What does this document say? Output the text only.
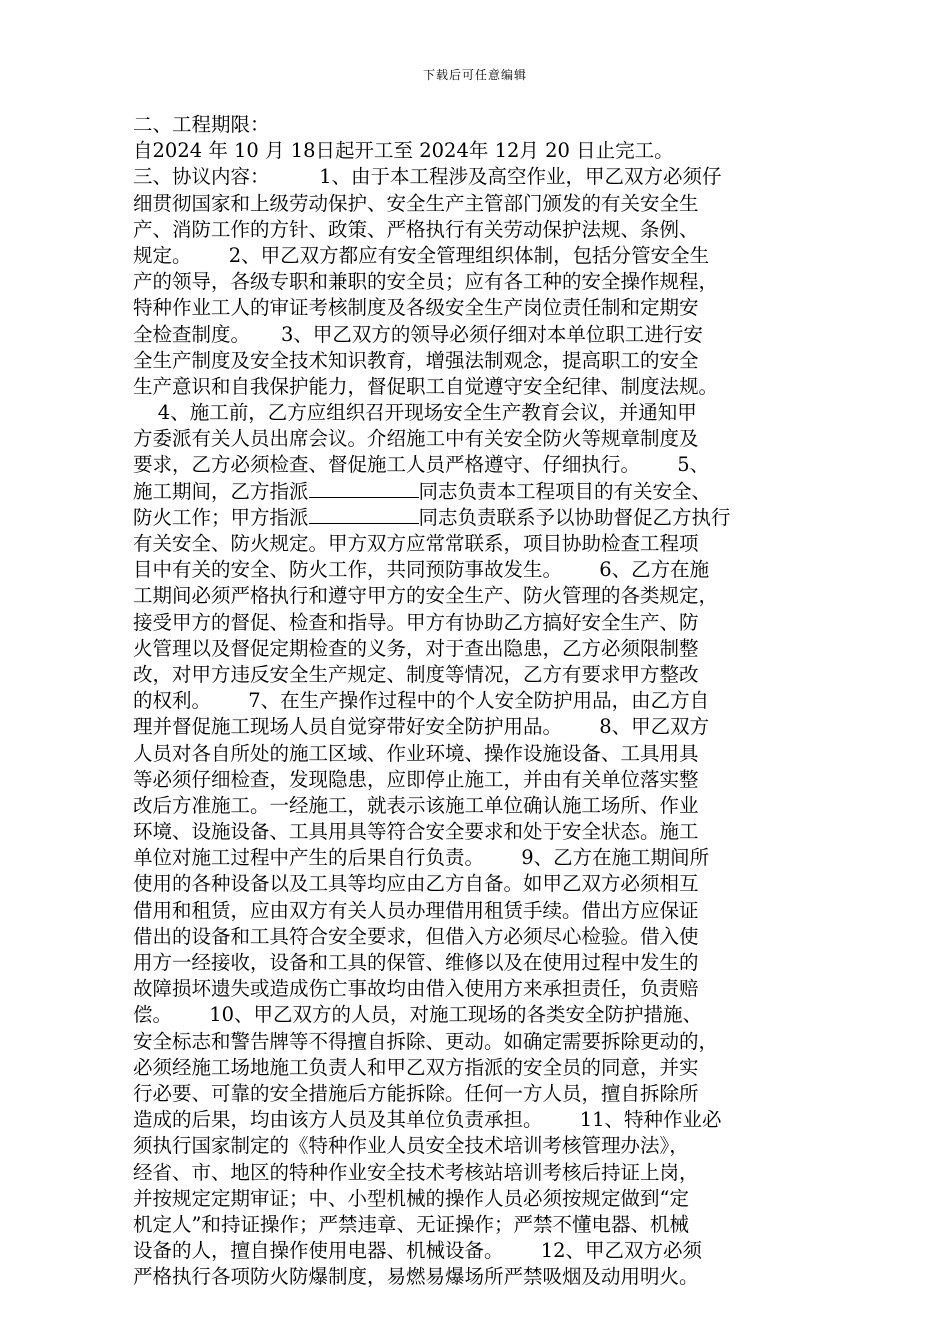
下载后可任意编辑
二、工程期限：
自2024 年 10 月 18日起开工至 2024年 12月 20 日止完工。
三、协议内容：        1、由于本工程涉及高空作业，甲乙双方必须仔
细贯彻国家和上级劳动保护、安全生产主管部门颁发的有关安全生
产、消防工作的方针、政策、严格执行有关劳动保护法规、条例、
规定。      2、甲乙双方都应有安全管理组织体制，包括分管安全生
产的领导，各级专职和兼职的安全员；应有各工种的安全操作规程，
特种作业工人的审证考核制度及各级安全生产岗位责任制和定期安
全检查制度。     3、甲乙双方的领导必须仔细对本单位职工进行安
全生产制度及安全技术知识教育，增强法制观念，提高职工的安全
生产意识和自我保护能力，督促职工自觉遵守安全纪律、制度法规。
4、施工前，乙方应组织召开现场安全生产教育会议，并通知甲
方委派有关人员出席会议。介绍施工中有关安全防火等规章制度及
要求，乙方必须检查、督促施工人员严格遵守、仔细执行。      5、
施工期间，乙方指派	同志负责本工程项目的有关安全、
防火工作；甲方指派	同志负责联系予以协助督促乙方执行
有关安全、防火规定。甲方双方应常常联系，项目协助检查工程项
目中有关的安全、防火工作，共同预防事故发生。      6、乙方在施
工期间必须严格执行和遵守甲方的安全生产、防火管理的各类规定，
接受甲方的督促、检查和指导。甲方有协助乙方搞好安全生产、防
火管理以及督促定期检查的义务，对于查出隐患，乙方必须限制整
改，对甲方违反安全生产规定、制度等情况，乙方有要求甲方整改
的权利。      7、在生产操作过程中的个人安全防护用品，由乙方自
理并督促施工现场人员自觉穿带好安全防护用品。      8、甲乙双方
人员对各自所处的施工区域、作业环境、操作设施设备、工具用具
等必须仔细检查，发现隐患，应即停止施工，并由有关单位落实整
改后方准施工。一经施工，就表示该施工单位确认施工场所、作业
环境、设施设备、工具用具等符合安全要求和处于安全状态。施工
单位对施工过程中产生的后果自行负责。      9、乙方在施工期间所
使用的各种设备以及工具等均应由乙方自备。如甲乙双方必须相互
借用和租赁，应由双方有关人员办理借用租赁手续。借出方应保证
借出的设备和工具符合安全要求，但借入方必须尽心检验。借入使
用方一经接收，设备和工具的保管、维修以及在使用过程中发生的
故障损坏遗失或造成伤亡事故均由借入使用方来承担责任，负责赔
偿。      10、甲乙双方的人员，对施工现场的各类安全防护措施、
安全标志和警告牌等不得擅自拆除、更动。如确定需要拆除更动的，
必须经施工场地施工负责人和甲乙双方指派的安全员的同意，并实
行必要、可靠的安全措施后方能拆除。任何一方人员，擅自拆除所
造成的后果，均由该方人员及其单位负责承担。      11、特种作业必
须执行国家制定的《特种作业人员安全技术培训考核管理办法》，
经省、市、地区的特种作业安全技术考核站培训考核后持证上岗，
并按规定定期审证；中、小型机械的操作人员必须按规定做到“定
机定人”和持证操作；严禁违章、无证操作；严禁不懂电器、机械
设备的人，擅自操作使用电器、机械设备。      12、甲乙双方必须
严格执行各项防火防爆制度，易燃易爆场所严禁吸烟及动用明火。
